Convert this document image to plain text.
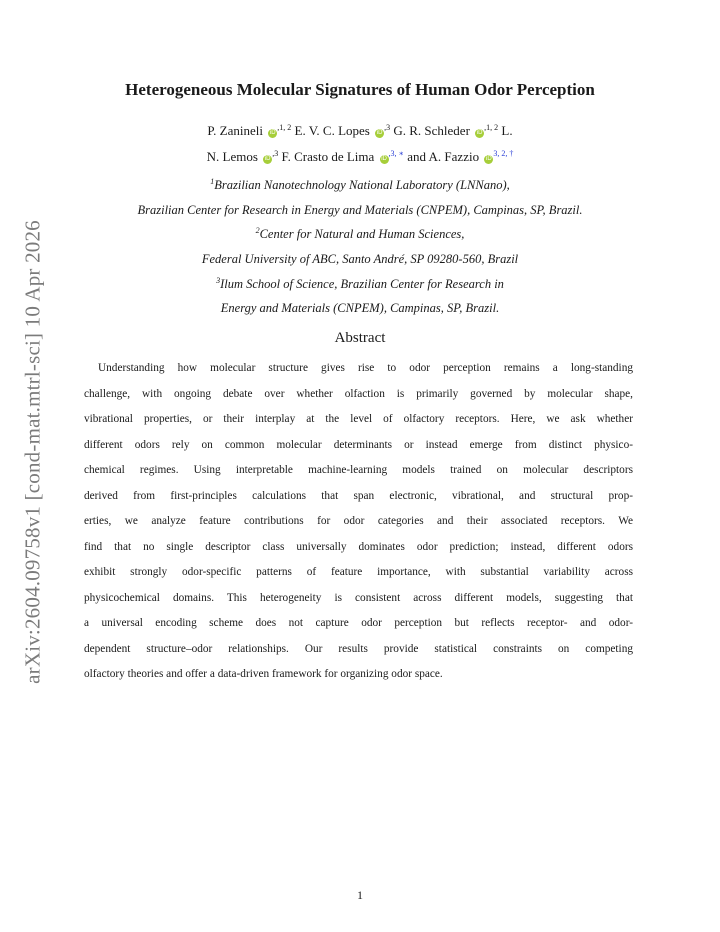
arXiv:2604.09758v1 [cond-mat.mtrl-sci] 10 Apr 2026
Heterogeneous Molecular Signatures of Human Odor Perception
P. Zanineli $iD^{,1, 2}$ E. V. C. Lopes $iD^{,3}$ G. R. Schleder $iD^{,1, 2}$ L.
N. Lemos $iD^{,3}$ F. Crasto de Lima $iD^{,3, ∗}$ and A. Fazzio $iD^{3, 2, \dagger}$
$^1$Brazilian Nanotechnology National Laboratory (LNNano),
Brazilian Center for Research in Energy and Materials (CNPEM), Campinas, SP, Brazil.
$^2$Center for Natural and Human Sciences,
Federal University of ABC, Santo André, SP 09280-560, Brazil
$^3$Ilum School of Science, Brazilian Center for Research in
Energy and Materials (CNPEM), Campinas, SP, Brazil.
Abstract
Understanding how molecular structure gives rise to odor perception remains a long-standing
challenge, with ongoing debate over whether olfaction is primarily governed by molecular shape,
vibrational properties, or their interplay at the level of olfactory receptors. Here, we ask whether
different odors rely on common molecular determinants or instead emerge from distinct physico-
chemical regimes. Using interpretable machine-learning models trained on molecular descriptors
derived from first-principles calculations that span electronic, vibrational, and structural prop-
erties, we analyze feature contributions for odor categories and their associated receptors. We
find that no single descriptor class universally dominates odor prediction; instead, different odors
exhibit strongly odor-specific patterns of feature importance, with substantial variability across
physicochemical domains. This heterogeneity is consistent across different models, suggesting that
a universal encoding scheme does not capture odor perception but reflects receptor- and odor-
dependent structure–odor relationships. Our results provide statistical constraints on competing
olfactory theories and offer a data-driven framework for organizing odor space.
1
